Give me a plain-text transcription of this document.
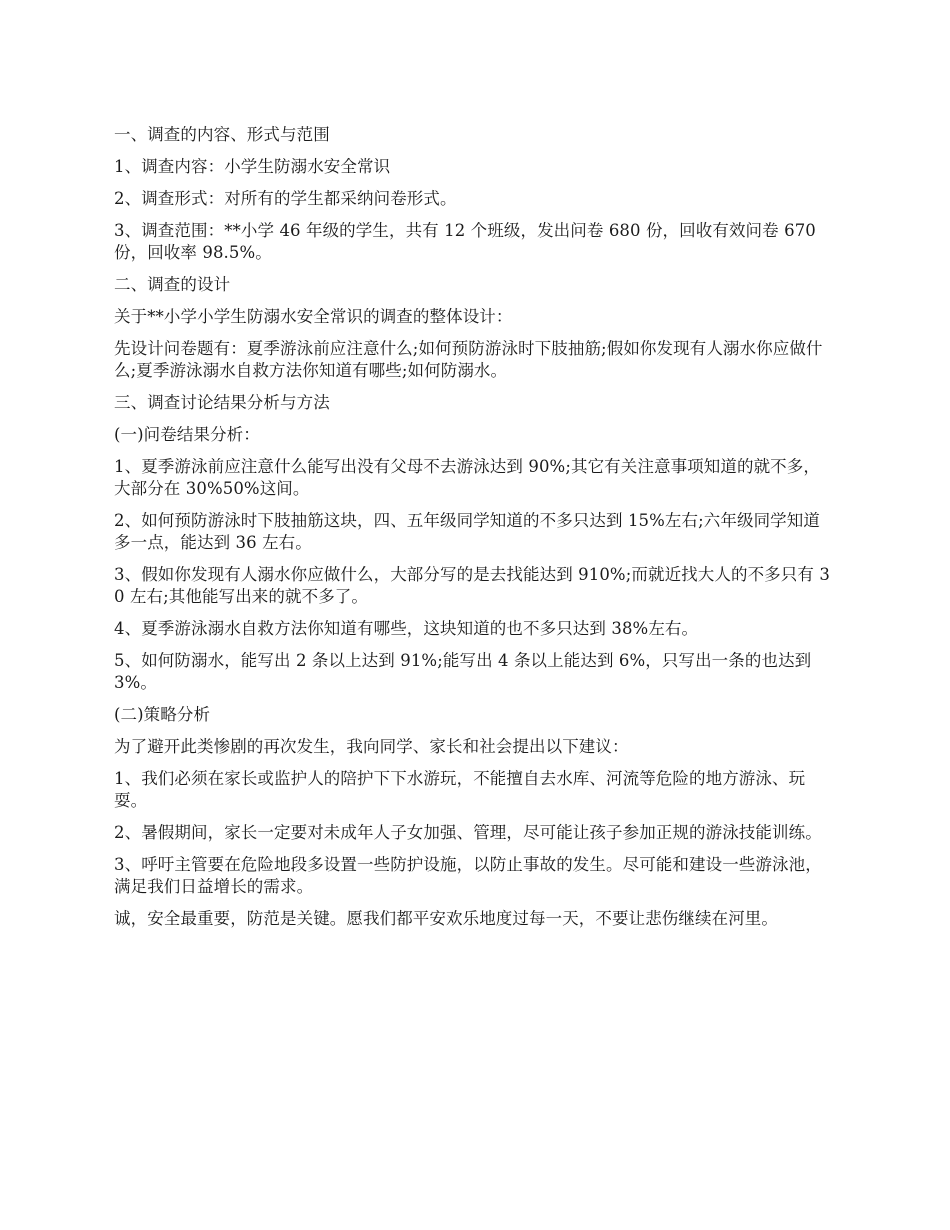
一、调查的内容、形式与范围

1、调查内容：小学生防溺水安全常识

2、调查形式：对所有的学生都采纳问卷形式。

3、调查范围：**小学 46 年级的学生，共有 12 个班级，发出问卷 680 份，回收有效问卷 670 份，回收率 98.5%。

二、调查的设计

关于**小学小学生防溺水安全常识的调查的整体设计：

先设计问卷题有：夏季游泳前应注意什么;如何预防游泳时下肢抽筋;假如你发现有人溺水你应做什么;夏季游泳溺水自救方法你知道有哪些;如何防溺水。

三、调查讨论结果分析与方法

(一)问卷结果分析：

1、夏季游泳前应注意什么能写出没有父母不去游泳达到 90%;其它有关注意事项知道的就不多，大部分在 30%50%这间。

2、如何预防游泳时下肢抽筋这块，四、五年级同学知道的不多只达到 15%左右;六年级同学知道多一点，能达到 36 左右。

3、假如你发现有人溺水你应做什么，大部分写的是去找能达到 910%;而就近找大人的不多只有 30 左右;其他能写出来的就不多了。

4、夏季游泳溺水自救方法你知道有哪些，这块知道的也不多只达到 38%左右。

5、如何防溺水，能写出 2 条以上达到 91%;能写出 4 条以上能达到 6%，只写出一条的也达到 3%。

(二)策略分析

为了避开此类惨剧的再次发生，我向同学、家长和社会提出以下建议：

1、我们必须在家长或监护人的陪护下下水游玩，不能擅自去水库、河流等危险的地方游泳、玩耍。

2、暑假期间，家长一定要对未成年人子女加强、管理，尽可能让孩子参加正规的游泳技能训练。

3、呼吁主管要在危险地段多设置一些防护设施，以防止事故的发生。尽可能和建设一些游泳池，满足我们日益增长的需求。

诚，安全最重要，防范是关键。愿我们都平安欢乐地度过每一天，不要让悲伤继续在河里。
